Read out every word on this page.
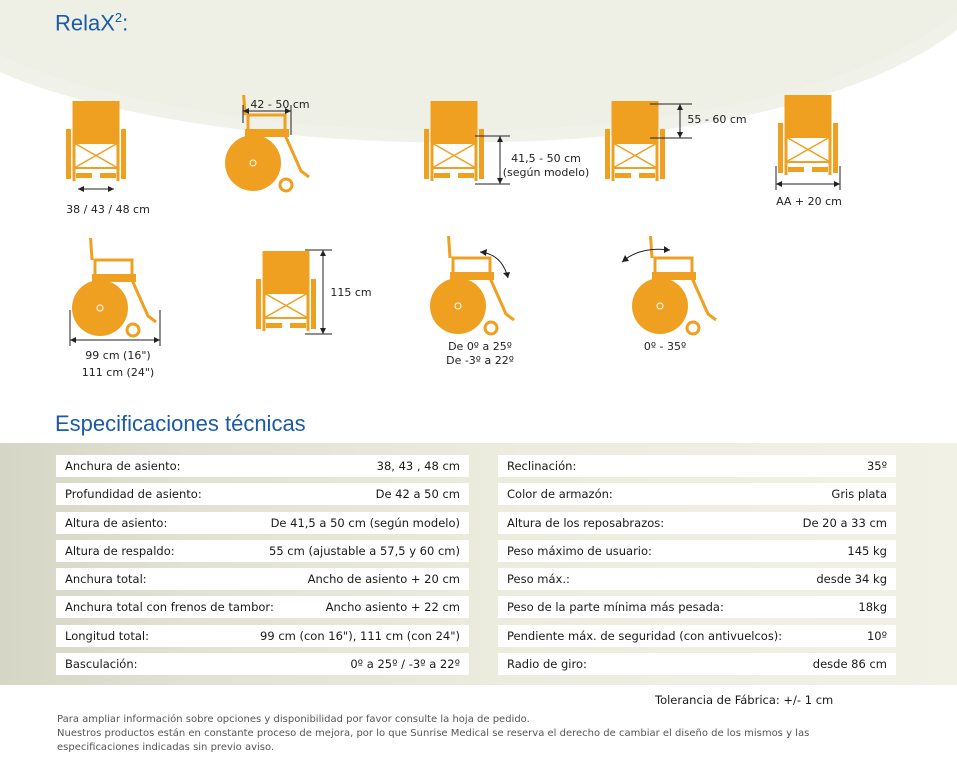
RelaX$^2$:
38 / 43 / 48 cm
42 - 50 cm
41,5 - 50 cm
(según modelo)
55 - 60 cm
AA + 20 cm
99 cm (16")
111 cm (24")
115 cm
De 0º a 25º
De -3º a 22º
0º - 35º
Especificaciones técnicas
Anchura de asiento:	38, 43 , 48 cm
Profundidad de asiento:	De 42 a 50 cm
Altura de asiento:	De 41,5 a 50 cm (según modelo)
Altura de respaldo:	55 cm (ajustable a 57,5 y 60 cm)
Anchura total:	Ancho de asiento + 20 cm
Anchura total con frenos de tambor:	Ancho asiento + 22 cm
Longitud total:	99 cm (con 16"), 111 cm (con 24")
Basculación:	0º a 25º / -3º a 22º
Reclinación:	35º
Color de armazón:	Gris plata
Altura de los reposabrazos:	De 20 a 33 cm
Peso máximo de usuario:	145 kg
Peso máx.:	desde 34 kg
Peso de la parte mínima más pesada:	18kg
Pendiente máx. de seguridad (con antivuelcos):	10º
Radio de giro:	desde 86 cm
Tolerancia de Fábrica: +/- 1 cm
Para ampliar información sobre opciones y disponibilidad por favor consulte la hoja de pedido.
Nuestros productos están en constante proceso de mejora, por lo que Sunrise Medical se reserva el derecho de cambiar el diseño de los mismos y las
especificaciones indicadas sin previo aviso.
